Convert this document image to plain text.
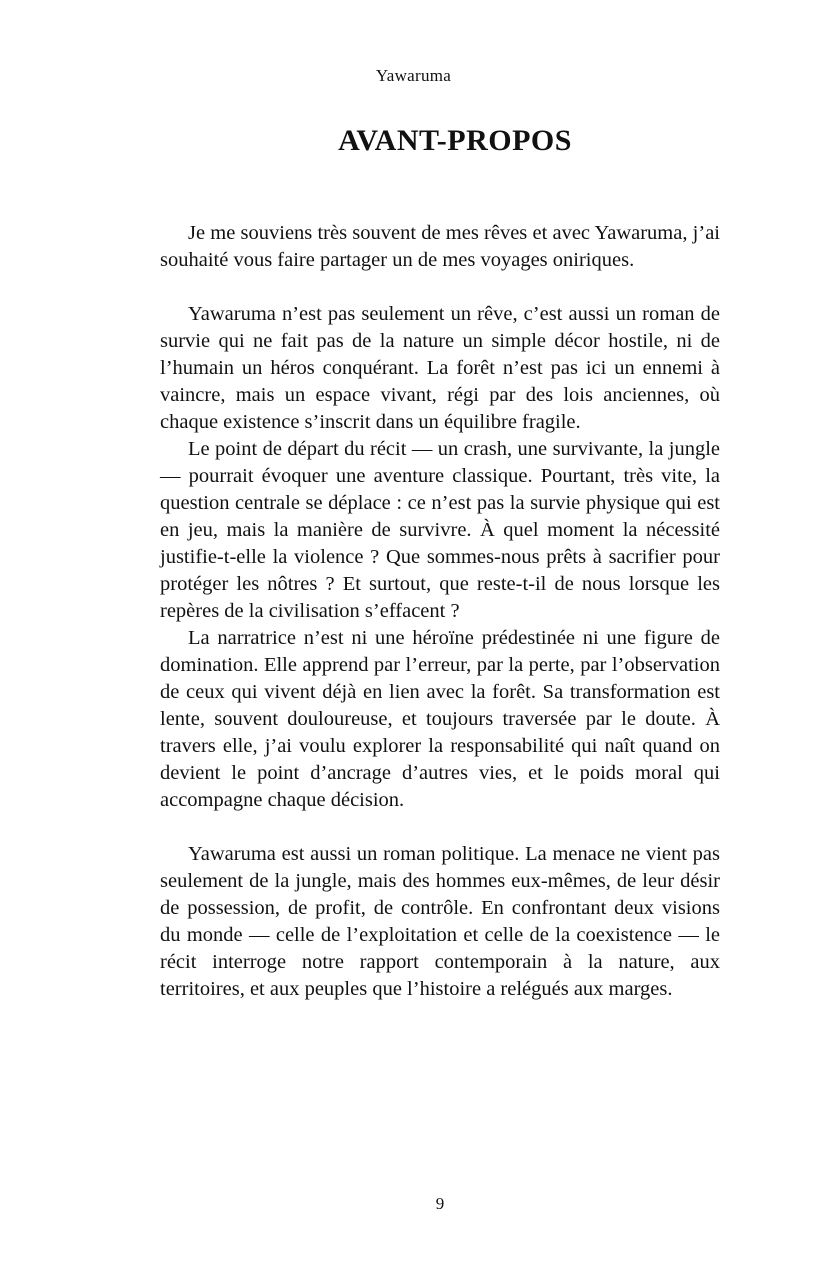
Yawaruma
AVANT-PROPOS

Je me souviens très souvent de mes rêves et avec Yawaruma, j’ai souhaité vous faire partager un de mes voyages oniriques.

Yawaruma n’est pas seulement un rêve, c’est aussi un roman de survie qui ne fait pas de la nature un simple décor hostile, ni de l’humain un héros conquérant. La forêt n’est pas ici un ennemi à vaincre, mais un espace vivant, régi par des lois anciennes, où chaque existence s’inscrit dans un équilibre fragile.

Le point de départ du récit — un crash, une survivante, la jungle — pourrait évoquer une aventure classique. Pourtant, très vite, la question centrale se déplace : ce n’est pas la survie physique qui est en jeu, mais la manière de survivre. À quel moment la nécessité justifie-t-elle la violence ? Que sommes-nous prêts à sacrifier pour protéger les nôtres ? Et surtout, que reste-t-il de nous lorsque les repères de la civilisation s’effacent ?

La narratrice n’est ni une héroïne prédestinée ni une figure de domination. Elle apprend par l’erreur, par la perte, par l’observation de ceux qui vivent déjà en lien avec la forêt. Sa transformation est lente, souvent douloureuse, et toujours traversée par le doute. À travers elle, j’ai voulu explorer la responsabilité qui naît quand on devient le point d’ancrage d’autres vies, et le poids moral qui accompagne chaque décision.

Yawaruma est aussi un roman politique. La menace ne vient pas seulement de la jungle, mais des hommes eux-mêmes, de leur désir de possession, de profit, de contrôle. En confrontant deux visions du monde — celle de l’exploitation et celle de la coexistence — le récit interroge notre rapport contemporain à la nature, aux territoires, et aux peuples que l’histoire a relégués aux marges.

9
